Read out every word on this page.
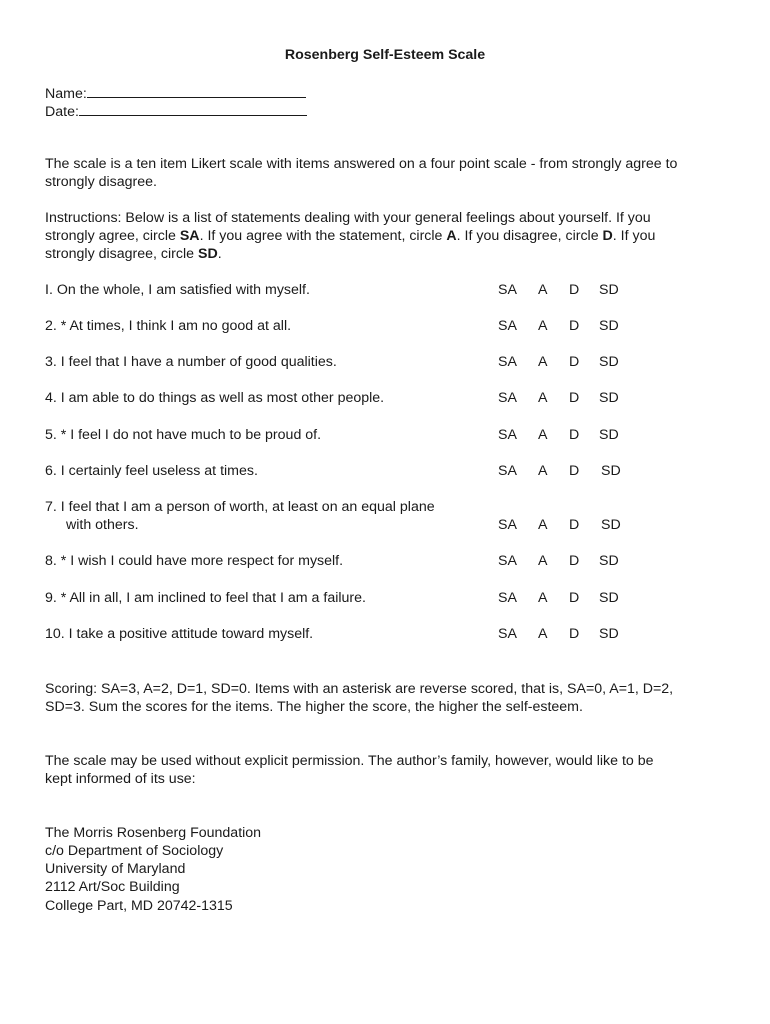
Rosenberg Self-Esteem Scale
Name:
Date:
The scale is a ten item Likert scale with items answered on a four point scale - from strongly agree to
strongly disagree.
Instructions: Below is a list of statements dealing with your general feelings about yourself. If you
strongly agree, circle SA. If you agree with the statement, circle A. If you disagree, circle D. If you
strongly disagree, circle SD.
I. On the whole, I am satisfied with myself.	SA A D SD
2. * At times, I think I am no good at all.	SA A D SD
3. I feel that I have a number of good qualities.	SA A D SD
4. I am able to do things as well as most other people.	SA A D SD
5. * I feel I do not have much to be proud of.	SA A D SD
6. I certainly feel useless at times.	SA A D SD
7. I feel that I am a person of worth, at least on an equal plane
with others.	SA A D SD
8. * I wish I could have more respect for myself.	SA A D SD
9. * All in all, I am inclined to feel that I am a failure.	SA A D SD
10. I take a positive attitude toward myself.	SA A D SD
Scoring: SA=3, A=2, D=1, SD=0. Items with an asterisk are reverse scored, that is, SA=0, A=1, D=2,
SD=3. Sum the scores for the items. The higher the score, the higher the self-esteem.
The scale may be used without explicit permission. The author’s family, however, would like to be
kept informed of its use:
The Morris Rosenberg Foundation
c/o Department of Sociology
University of Maryland
2112 Art/Soc Building
College Part, MD 20742-1315
